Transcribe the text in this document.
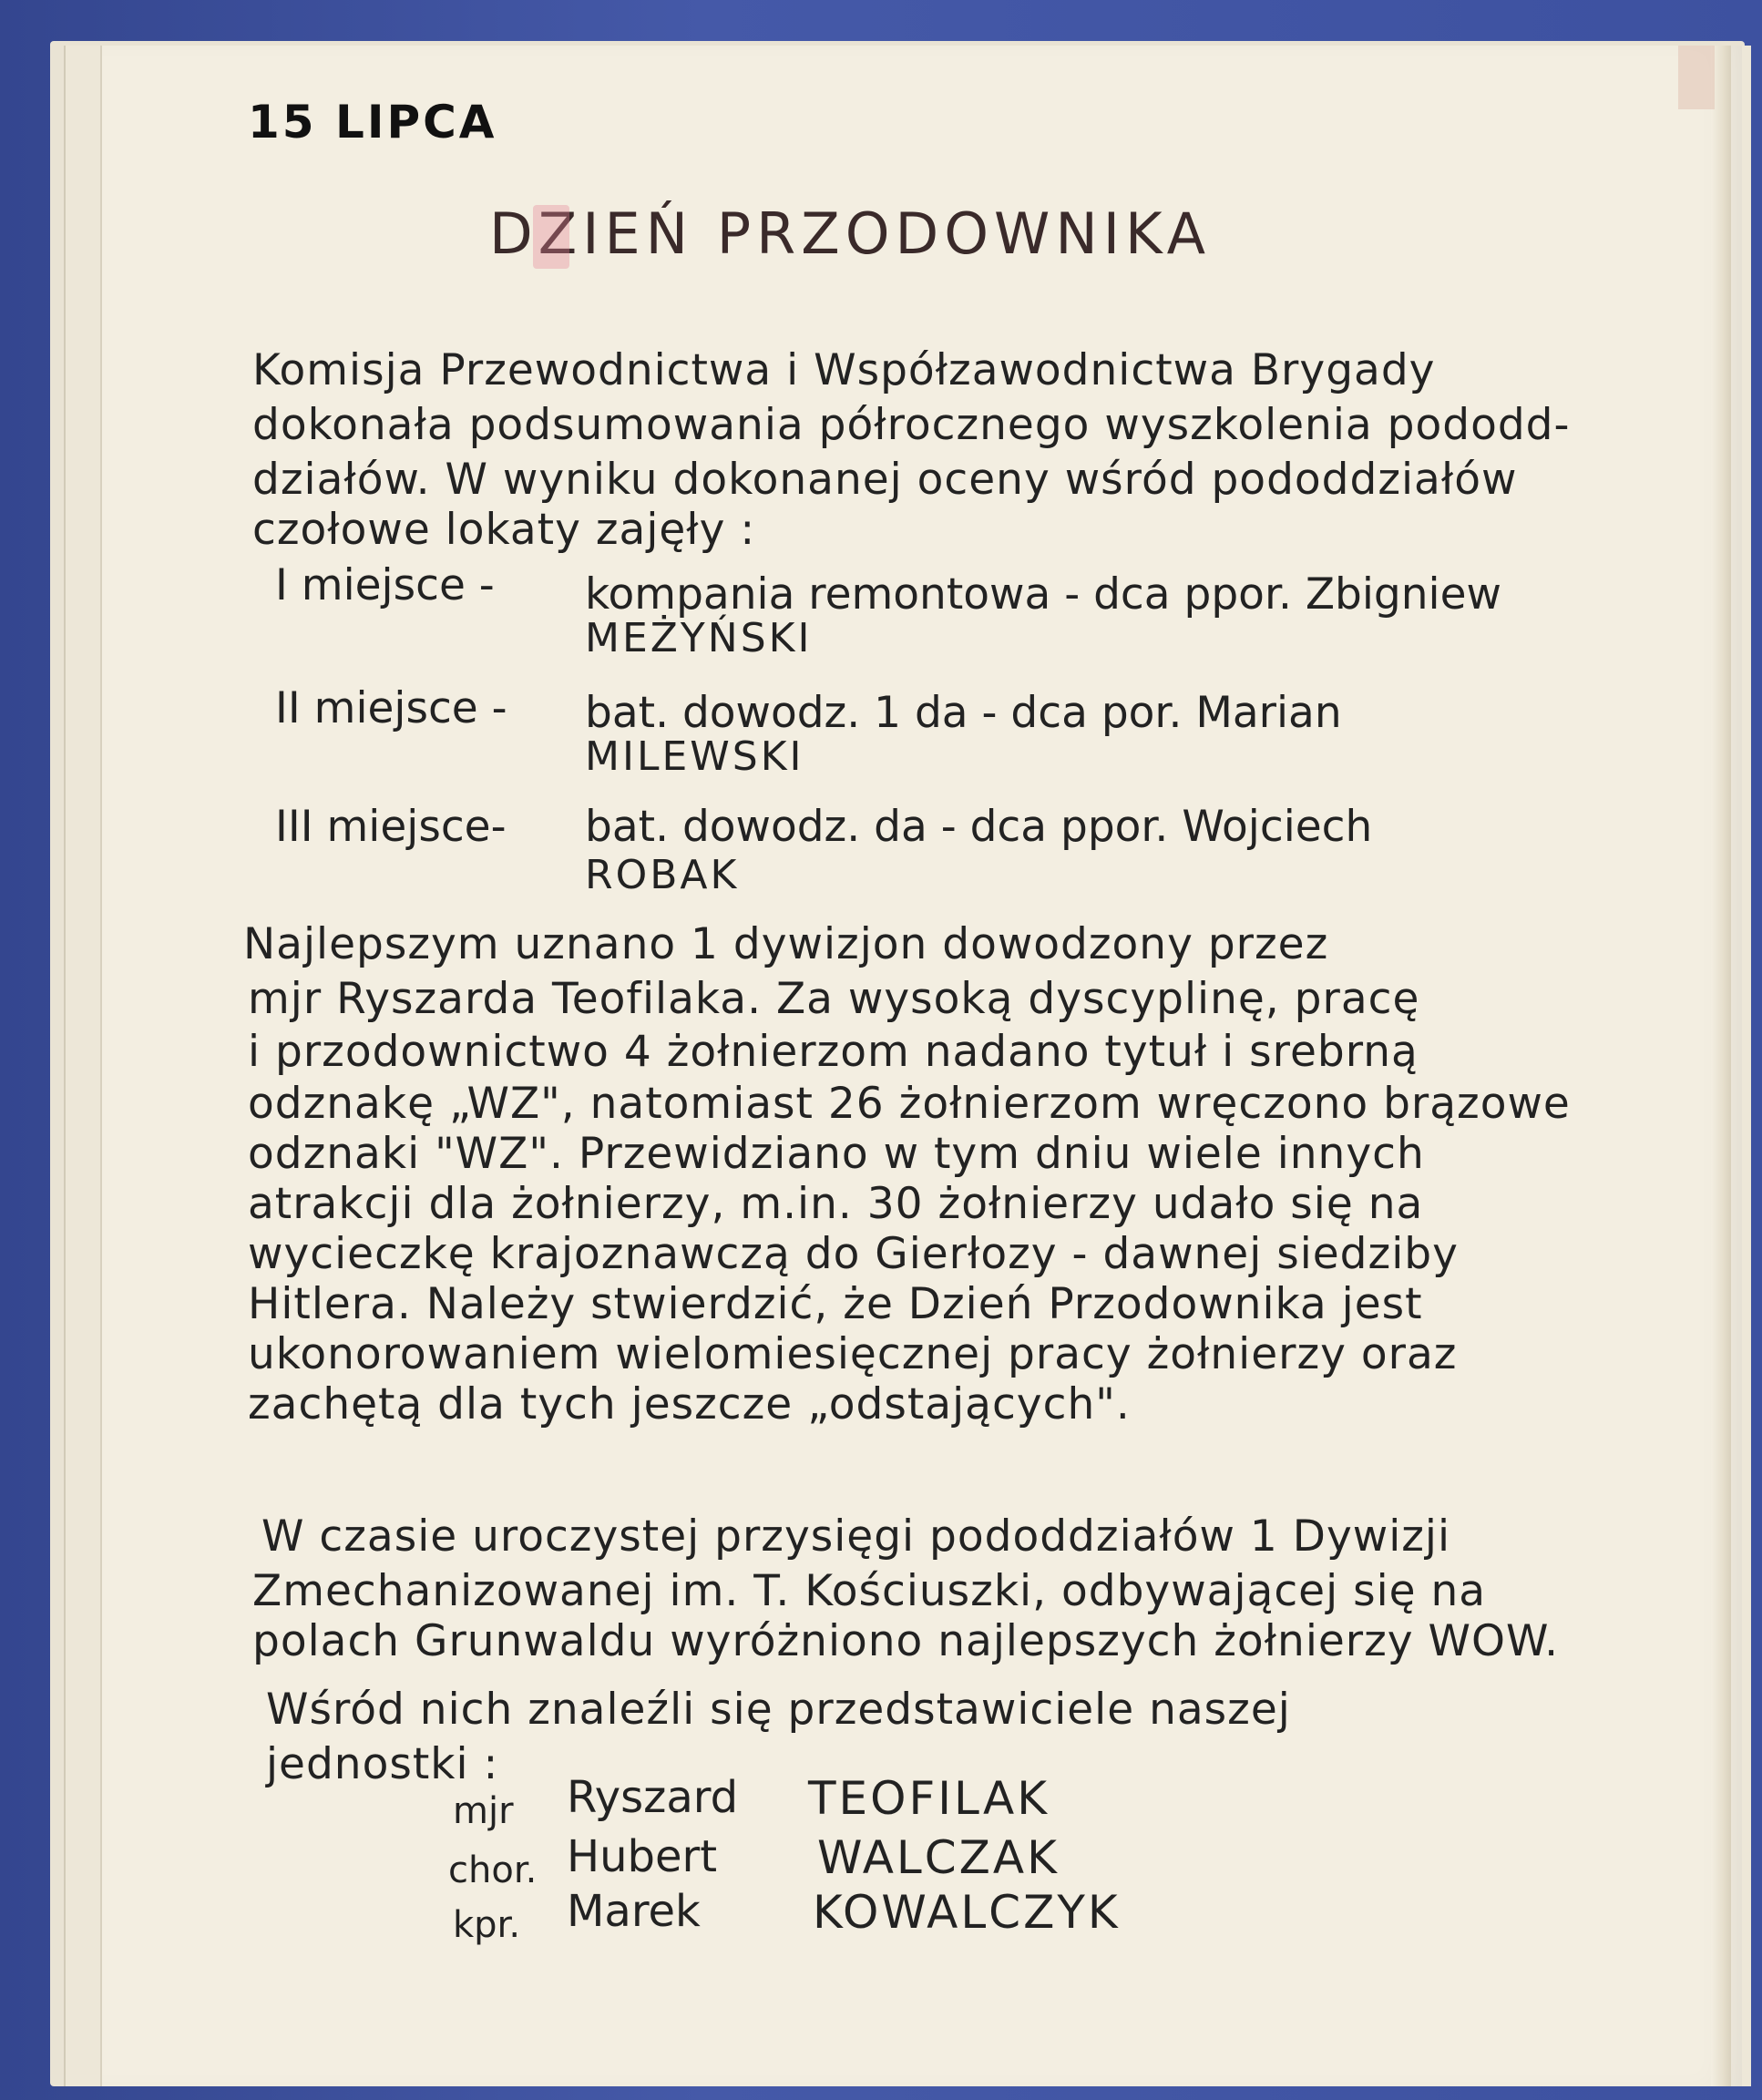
15 LIPCA
DZIEŃ PRZODOWNIKA
Komisja Przewodnictwa i Współzawodnictwa Brygady
dokonała podsumowania półrocznego wyszkolenia pododd-
działów. W wyniku dokonanej oceny wśród pododdziałów
czołowe lokaty zajęły :
I miejsce - kompania remontowa - dca ppor. Zbigniew
MEŻYŃSKI
II miejsce - bat. dowodz. 1 da - dca por. Marian
MILEWSKI
III miejsce- bat. dowodz. da - dca ppor. Wojciech
ROBAK
Najlepszym uznano 1 dywizjon dowodzony przez
mjr Ryszarda Teofilaka. Za wysoką dyscyplinę, pracę
i przodownictwo 4 żołnierzom nadano tytuł i srebrną
odznakę „WZ", natomiast 26 żołnierzom wręczono brązowe
odznaki "WZ". Przewidziano w tym dniu wiele innych
atrakcji dla żołnierzy, m.in. 30 żołnierzy udało się na
wycieczkę krajoznawczą do Gierłozy - dawnej siedziby
Hitlera. Należy stwierdzić, że Dzień Przodownika jest
ukonorowaniem wielomiesięcznej pracy żołnierzy oraz
zachętą dla tych jeszcze „odstających".
W czasie uroczystej przysięgi pododdziałów 1 Dywizji
Zmechanizowanej im. T. Kościuszki, odbywającej się na
polach Grunwaldu wyróżniono najlepszych żołnierzy WOW.
Wśród nich znaleźli się przedstawiciele naszej
jednostki :
mjr Ryszard TEOFILAK
chor. Hubert WALCZAK
kpr. Marek KOWALCZYK
